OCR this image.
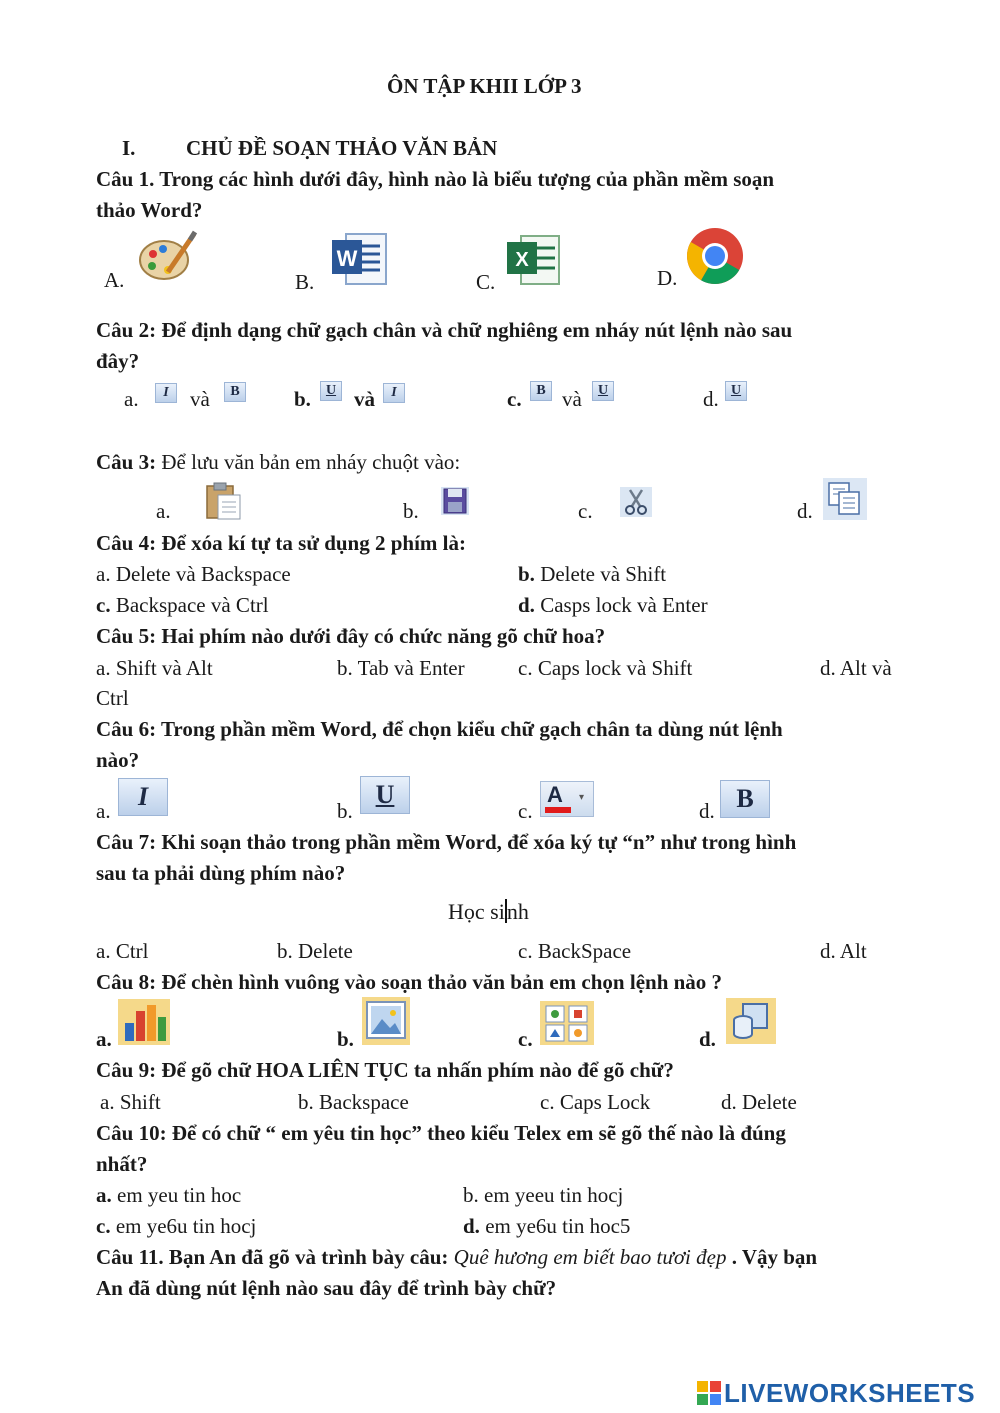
ÔN TẬP KHII LỚP 3
I. CHỦ ĐỀ SOẠN THẢO VĂN BẢN
Câu 1. Trong các hình dưới đây, hình nào là biểu tượng của phần mềm soạn
thảo Word?
A.	B.
W
C.
X
D.
Câu 2: Để định dạng chữ gạch chân và chữ nghiêng em nháy nút lệnh nào sau
đây?
a.	I	và	B	b.	U và	I	c.	B và	U	d. U
Câu 3: Để lưu văn bản em nháy chuột vào:
a.	b.	c.	d.
Câu 4: Để xóa kí tự ta sử dụng 2 phím là:
a. Delete và Backspace	b. Delete và Shift
c. Backspace và Ctrl	d. Casps lock và Enter
Câu 5: Hai phím nào dưới đây có chức năng gõ chữ hoa?
a. Shift và Alt	b. Tab và Enter	c. Caps lock và Shift	d. Alt và
Ctrl
Câu 6: Trong phần mềm Word, để chọn kiểu chữ gạch chân ta dùng nút lệnh
nào?
a.	I	b.
U
c.
A ▾
d. B
Câu 7: Khi soạn thảo trong phần mềm Word, để xóa ký tự “n” như trong hình
sau ta phải dùng phím nào?
Học sinh
a. Ctrl	b. Delete	c. BackSpace	d. Alt
Câu 8: Để chèn hình vuông vào soạn thảo văn bản em chọn lệnh nào ?
a.	b.	c.	d.
Câu 9: Để gõ chữ HOA LIÊN TỤC ta nhấn phím nào để gõ chữ?
a. Shift	b. Backspace	c. Caps Lock	d. Delete
Câu 10: Để có chữ “ em yêu tin học” theo kiểu Telex em sẽ gõ thế nào là đúng
nhất?
a. em yeu tin hoc	b. em yeeu tin hocj
c. em ye6u tin hocj	d. em ye6u tin hoc5
Câu 11. Bạn An đã gõ và trình bày câu: Quê hương em biết bao tươi đẹp . Vậy bạn
An đã dùng nút lệnh nào sau đây để trình bày chữ?
LIVEWORKSHEETS
